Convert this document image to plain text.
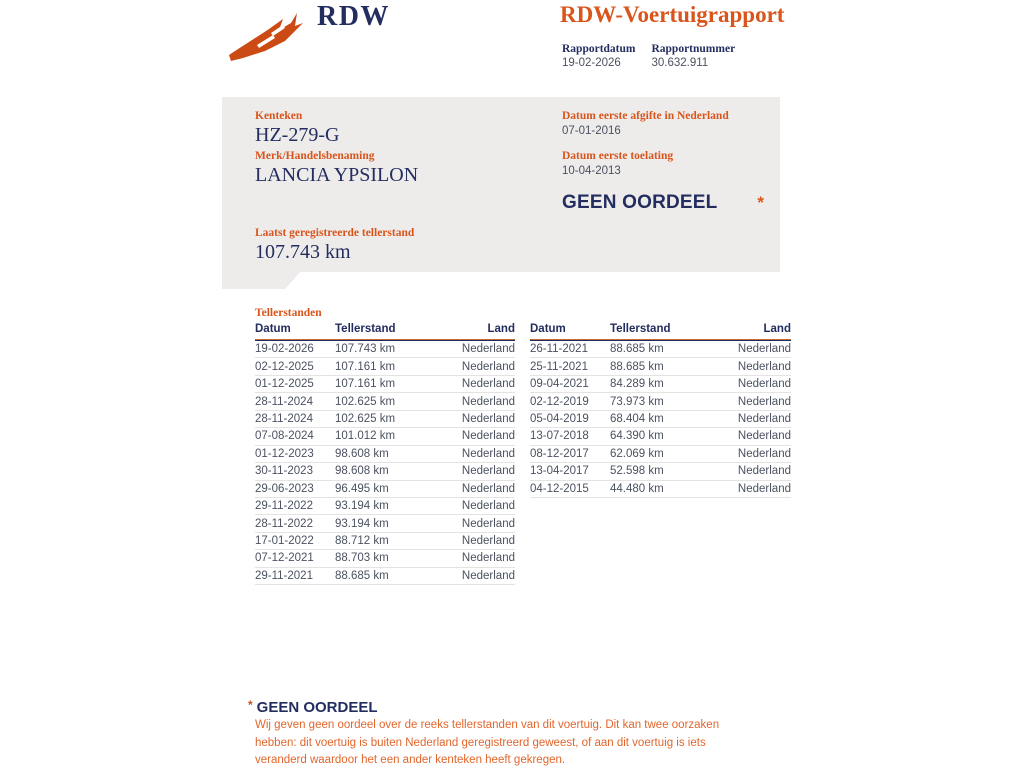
RDW	RDW-Voertuigrapport
Rapportdatum
19-02-2026
Rapportnummer
30.632.911
Kenteken
HZ-279-G
Merk/Handelsbenaming
LANCIA YPSILON
Laatst geregistreerde tellerstand
107.743 km
Datum eerste afgifte in Nederland
07-01-2016
Datum eerste toelating
10-04-2013
GEEN OORDEEL *
Tellerstanden
Datum	Tellerstand	Land
19-02-2026	107.743 km	Nederland
02-12-2025	107.161 km	Nederland
01-12-2025	107.161 km	Nederland
28-11-2024	102.625 km	Nederland
28-11-2024	102.625 km	Nederland
07-08-2024	101.012 km	Nederland
01-12-2023	98.608 km	Nederland
30-11-2023	98.608 km	Nederland
29-06-2023	96.495 km	Nederland
29-11-2022	93.194 km	Nederland
28-11-2022	93.194 km	Nederland
17-01-2022	88.712 km	Nederland
07-12-2021	88.703 km	Nederland
29-11-2021	88.685 km	Nederland
Datum	Tellerstand	Land
26-11-2021	88.685 km	Nederland
25-11-2021	88.685 km	Nederland
09-04-2021	84.289 km	Nederland
02-12-2019	73.973 km	Nederland
05-04-2019	68.404 km	Nederland
13-07-2018	64.390 km	Nederland
08-12-2017	62.069 km	Nederland
13-04-2017	52.598 km	Nederland
04-12-2015	44.480 km	Nederland
* GEEN OORDEEL
Wij geven geen oordeel over de reeks tellerstanden van dit voertuig. Dit kan twee oorzaken hebben: dit voertuig is buiten Nederland geregistreerd geweest, of aan dit voertuig is iets veranderd waardoor het een ander kenteken heeft gekregen.
